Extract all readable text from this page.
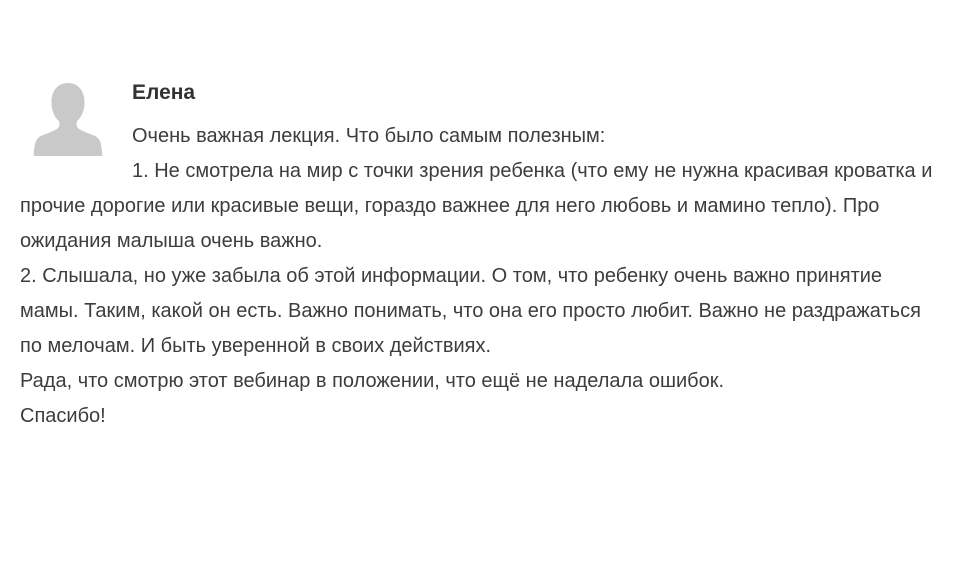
Елена
Очень важная лекция. Что было самым полезным:
1. Не смотрела на мир с точки зрения ребенка (что ему не нужна красивая кроватка и прочие дорогие или красивые вещи, гораздо важнее для него любовь и мамино тепло). Про ожидания малыша очень важно.
2. Слышала, но уже забыла об этой информации. О том, что ребенку очень важно принятие мамы. Таким, какой он есть. Важно понимать, что она его просто любит. Важно не раздражаться по мелочам. И быть уверенной в своих действиях.
Рада, что смотрю этот вебинар в положении, что ещё не наделала ошибок.
Спасибо!
